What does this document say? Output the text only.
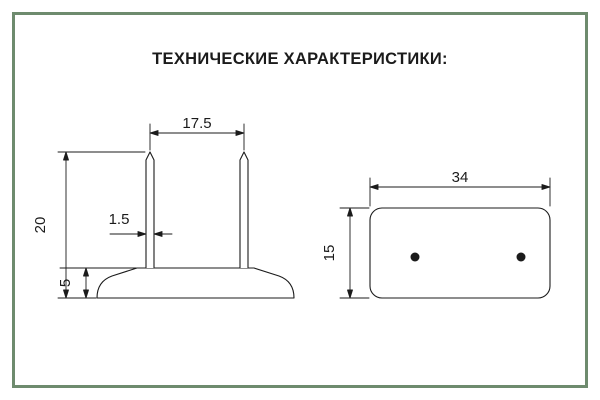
ТЕХНИЧЕСКИЕ ХАРАКТЕРИСТИКИ:
17.5
1.5
20
5
34
15
